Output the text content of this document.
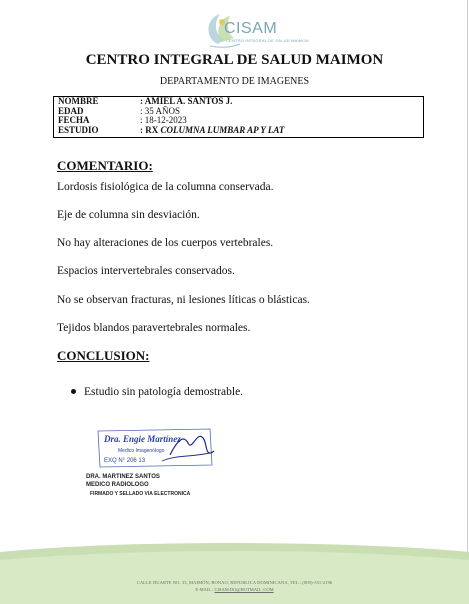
CISAM
CENTRO INTEGRAL DE SALUD MAIMON
CENTRO INTEGRAL DE SALUD MAIMON
DEPARTAMENTO DE IMAGENES
NOMBRE	: AMIEL A. SANTOS J.
EDAD	: 35 AÑOS
FECHA	: 18-12-2023
ESTUDIO	: RX COLUMNA LUMBAR AP Y LAT
COMENTARIO:
Lordosis fisiológica de la columna conservada.
Eje de columna sin desviación.
No hay alteraciones de los cuerpos vertebrales.
Espacios intervertebrales conservados.
No se observan fracturas, ni lesiones líticas o blásticas.
Tejidos blandos paravertebrales normales.
CONCLUSION:
Estudio sin patología demostrable.
Dra. Engie Martínez
Medico Imagenólogo
EXQ N° 206 13
DRA. MARTINEZ SANTOS
MEDICO RADIOLOGO
FIRMADO Y SELLADO VIA ELECTRONICA
CALLE DUARTE NO. 33, MAIMÓN, BONAO, REPUBLICA DOMINICANA, TEL.: (809)-551-2196
E-MAIL : CISAM.DO@HOTMAIL .COM
